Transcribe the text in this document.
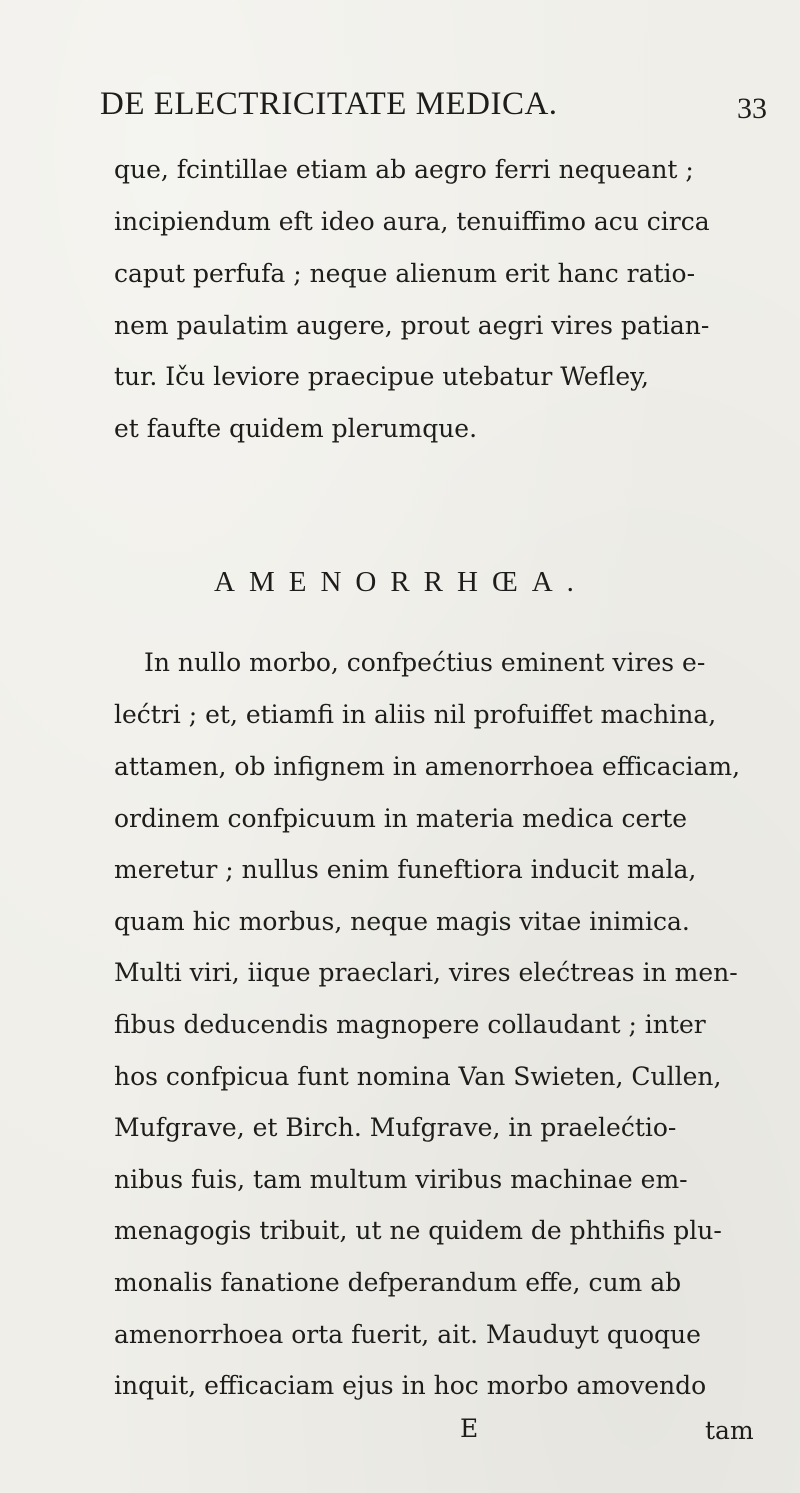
DE ELECTRICITATE MEDICA.	33
que, fcintillae etiam ab aegro ferri nequeant ;
incipiendum eft ideo aura, tenuiffimo acu circa
caput perfufa ; neque alienum erit hanc ratio-
nem paulatim augere, prout aegri vires patian-
tur. Iču leviore praecipue utebatur Wefley,
et faufte quidem plerumque.
AMENORRHŒA.
In nullo morbo, confpećtius eminent vires e-
lećtri ; et, etiamfi in aliis nil profuiffet machina,
attamen, ob infignem in amenorrhoea efficaciam,
ordinem confpicuum in materia medica certe
meretur ; nullus enim funeftiora inducit mala,
quam hic morbus, neque magis vitae inimica.
Multi viri, iique praeclari, vires elećtreas in men-
fibus deducendis magnopere collaudant ; inter
hos confpicua funt nomina Van Swieten, Cullen,
Mufgrave, et Birch. Mufgrave, in praelećtio-
nibus fuis, tam multum viribus machinae em-
menagogis tribuit, ut ne quidem de phthifis plu-
monalis fanatione defperandum effe, cum ab
amenorrhoea orta fuerit, ait. Mauduyt quoque
inquit, efficaciam ejus in hoc morbo amovendo
E	tam
